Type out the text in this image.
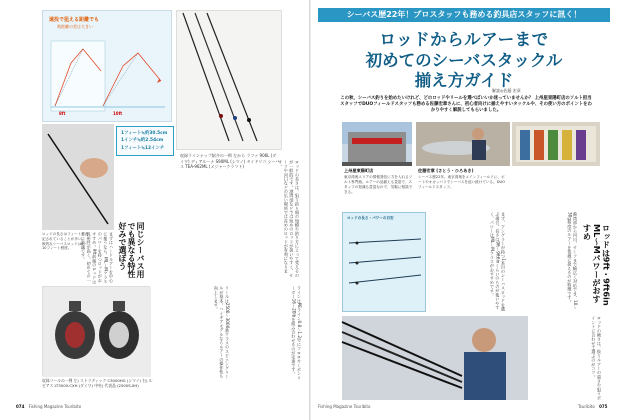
遠投で狙える距離でも
飛距離の差は大きい
8ft	10ft
収録ラインナップ紹介の一例 左から ラファ 906L (ダイワ) ディアルーナ S90ML (シマノ) タイドリコ シーバス TEA-962ML (メジャークラフト)
1フィート≒約30.5cm
1インチ≒約2.54cm
1フィート≒12インチ
ロッドの長さはフィートで表記されていることが多い。一般的なシーバスロッドは8〜10フィート程度。	ロッドの長さは、狙う釣り場の規模や釣り方によって変えるのが一般的です。港湾部などでは短めのロッドが扱いやすく、サーフや河口などの広い場所では長めのロッドが有利になります。
まずはハードルアーを中心に使うなら、ML〜Mクラスのパワーを持つロッドがおすすめ。9ft前後のロッドは汎用性が高く、初めての一本に最適です。
リールは2500〜3000番クラスのスピニングリールが基本。ハイギアモデルならルアーの操作性も向上します。	ラインはPEライン0.8〜1.2号にフロロカーボンリーダー16〜20lbを組み合わせるのが定番です。
同じシーバス用でも異なる特性 好みで選ぼう
収録リールの一例 左) ストラディック C3000HG (シマノ) 右) ルビアス LT3000-CXH (ダイワ) 中央) 代表品 (2500S-XH)
074 Fishing Magazine Tsuribito
シーバス歴22年！プロスタッフも務める釣具店スタッフに訊く！
ロッドからルアーまで
初めてのシーバスタックル
揃え方ガイド
解説◎佐藤 宏章
この秋、シーバス釣りを始めたいけれど、どのロッドやリールを選べばいいか迷っていませんか？ 上州屋東陽町店のソルト担当スタッフでDUOフィールドスタッフも務める佐藤宏章さんに、初心者向けに揃えやすいタックルや、その使い方のポイントをわかりやすく解説してもらいました。
上州屋東陽町店
東京湾奥エリアの情報発信に力を入れるソルト専門館。ルアーの品揃えも豊富で、スタッフの知識も豊富なので、気軽に相談できる。
佐藤宏章 (さとう・ひろあき)
シーバス歴22年。東京湾奥をメインフィールドに、ボートやオカッパリでシーバスを追い続けている。DUO フィールドスタッフ。
ロッドの長さ・パワーの目安	まず、アングラーが持つ1本目のシーバスロッドを選ぶ場合、長さは9ft〜9ft6inくらいのものが使いやすく、パワーはML〜Mクラスがおすすめです。	港湾部から河川、サーフまで幅広く対応でき、10〜30g程度のルアーを快適に扱えるのが特徴です。
ロッドの硬さは、扱うルアーの重さや狙うポイントに合わせて選ぶのがコツ。
ロッドは9ft・9ft6in ML〜Mパワーがおすすめ
Fishing Magazine Tsuribito	Tsuribito 075
